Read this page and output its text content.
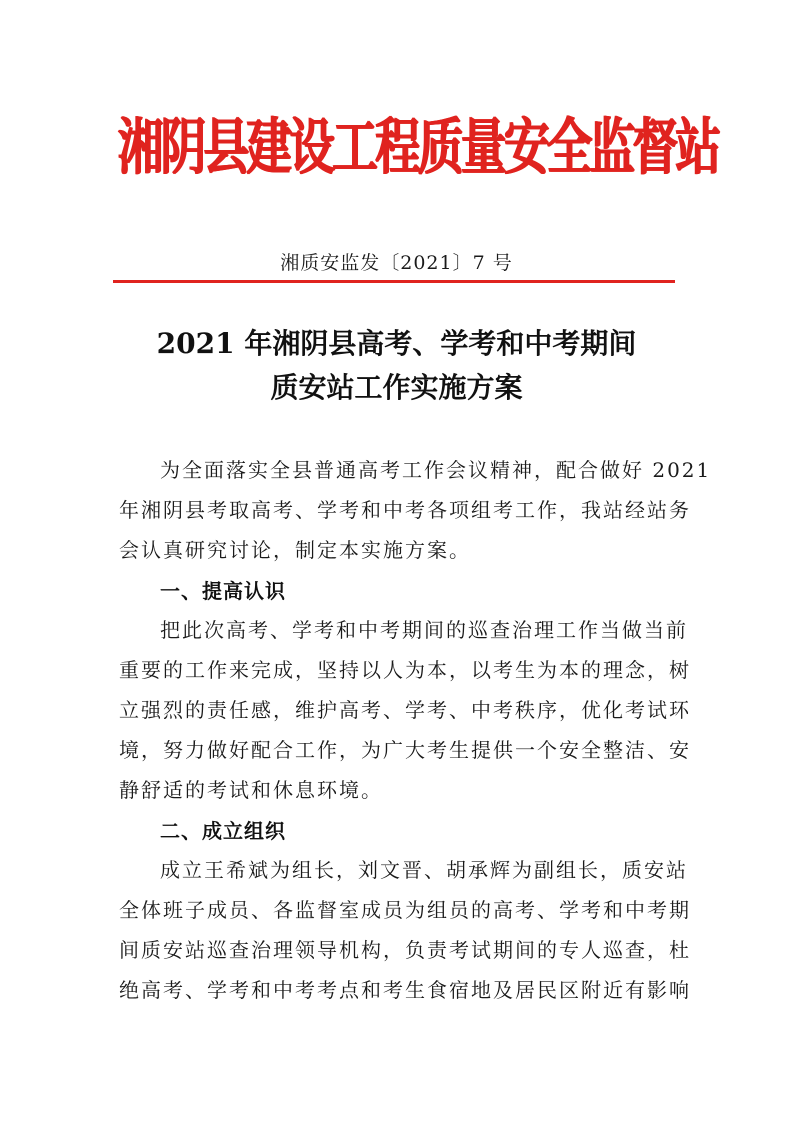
湘阴县建设工程质量安全监督站
湘质安监发〔2021〕7 号
2021 年湘阴县高考、学考和中考期间
质安站工作实施方案
为全面落实全县普通高考工作会议精神，配合做好 2021
年湘阴县考取高考、学考和中考各项组考工作，我站经站务
会认真研究讨论，制定本实施方案。
一、提高认识
把此次高考、学考和中考期间的巡查治理工作当做当前
重要的工作来完成，坚持以人为本，以考生为本的理念，树
立强烈的责任感，维护高考、学考、中考秩序，优化考试环
境，努力做好配合工作，为广大考生提供一个安全整洁、安
静舒适的考试和休息环境。
二、成立组织
成立王希斌为组长，刘文晋、胡承辉为副组长，质安站
全体班子成员、各监督室成员为组员的高考、学考和中考期
间质安站巡查治理领导机构，负责考试期间的专人巡查，杜
绝高考、学考和中考考点和考生食宿地及居民区附近有影响
